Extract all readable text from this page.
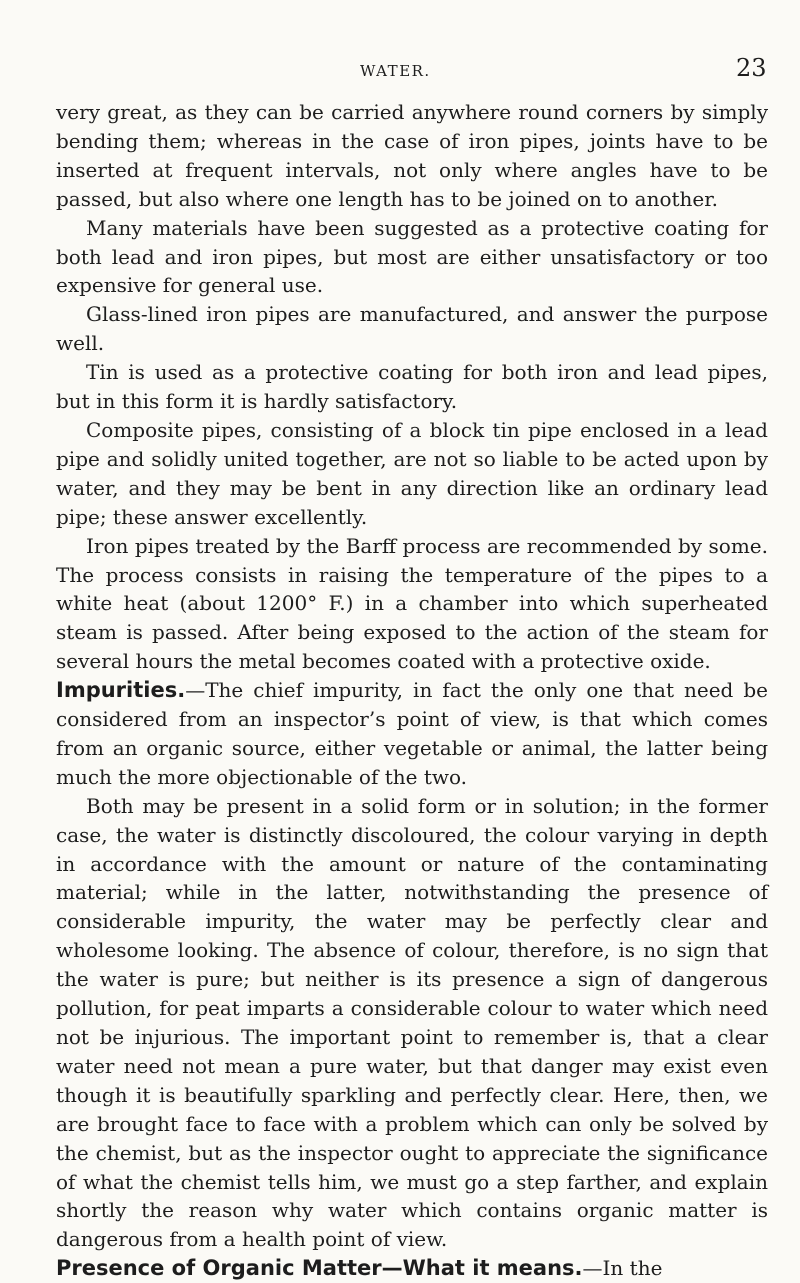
WATER.	23

very great, as they can be carried anywhere round corners by simply bending them; whereas in the case of iron pipes, joints have to be inserted at frequent intervals, not only where angles have to be passed, but also where one length has to be joined on to another.

Many materials have been suggested as a protective coating for both lead and iron pipes, but most are either unsatisfactory or too expensive for general use.

Glass-lined iron pipes are manufactured, and answer the purpose well.

Tin is used as a protective coating for both iron and lead pipes, but in this form it is hardly satisfactory.

Composite pipes, consisting of a block tin pipe enclosed in a lead pipe and solidly united together, are not so liable to be acted upon by water, and they may be bent in any direction like an ordinary lead pipe; these answer excellently.

Iron pipes treated by the Barff process are recommended by some. The process consists in raising the temperature of the pipes to a white heat (about 1200° F.) in a chamber into which superheated steam is passed. After being exposed to the action of the steam for several hours the metal becomes coated with a protective oxide.

Impurities.—The chief impurity, in fact the only one that need be considered from an inspector’s point of view, is that which comes from an organic source, either vegetable or animal, the latter being much the more objectionable of the two.

Both may be present in a solid form or in solution; in the former case, the water is distinctly discoloured, the colour varying in depth in accordance with the amount or nature of the contaminating material; while in the latter, notwithstanding the presence of considerable impurity, the water may be perfectly clear and wholesome looking. The absence of colour, therefore, is no sign that the water is pure; but neither is its presence a sign of dangerous pollution, for peat imparts a considerable colour to water which need not be injurious. The important point to remember is, that a clear water need not mean a pure water, but that danger may exist even though it is beautifully sparkling and perfectly clear. Here, then, we are brought face to face with a problem which can only be solved by the chemist, but as the inspector ought to appreciate the significance of what the chemist tells him, we must go a step farther, and explain shortly the reason why water which contains organic matter is dangerous from a health point of view.

Presence of Organic Matter—What it means.—In the
